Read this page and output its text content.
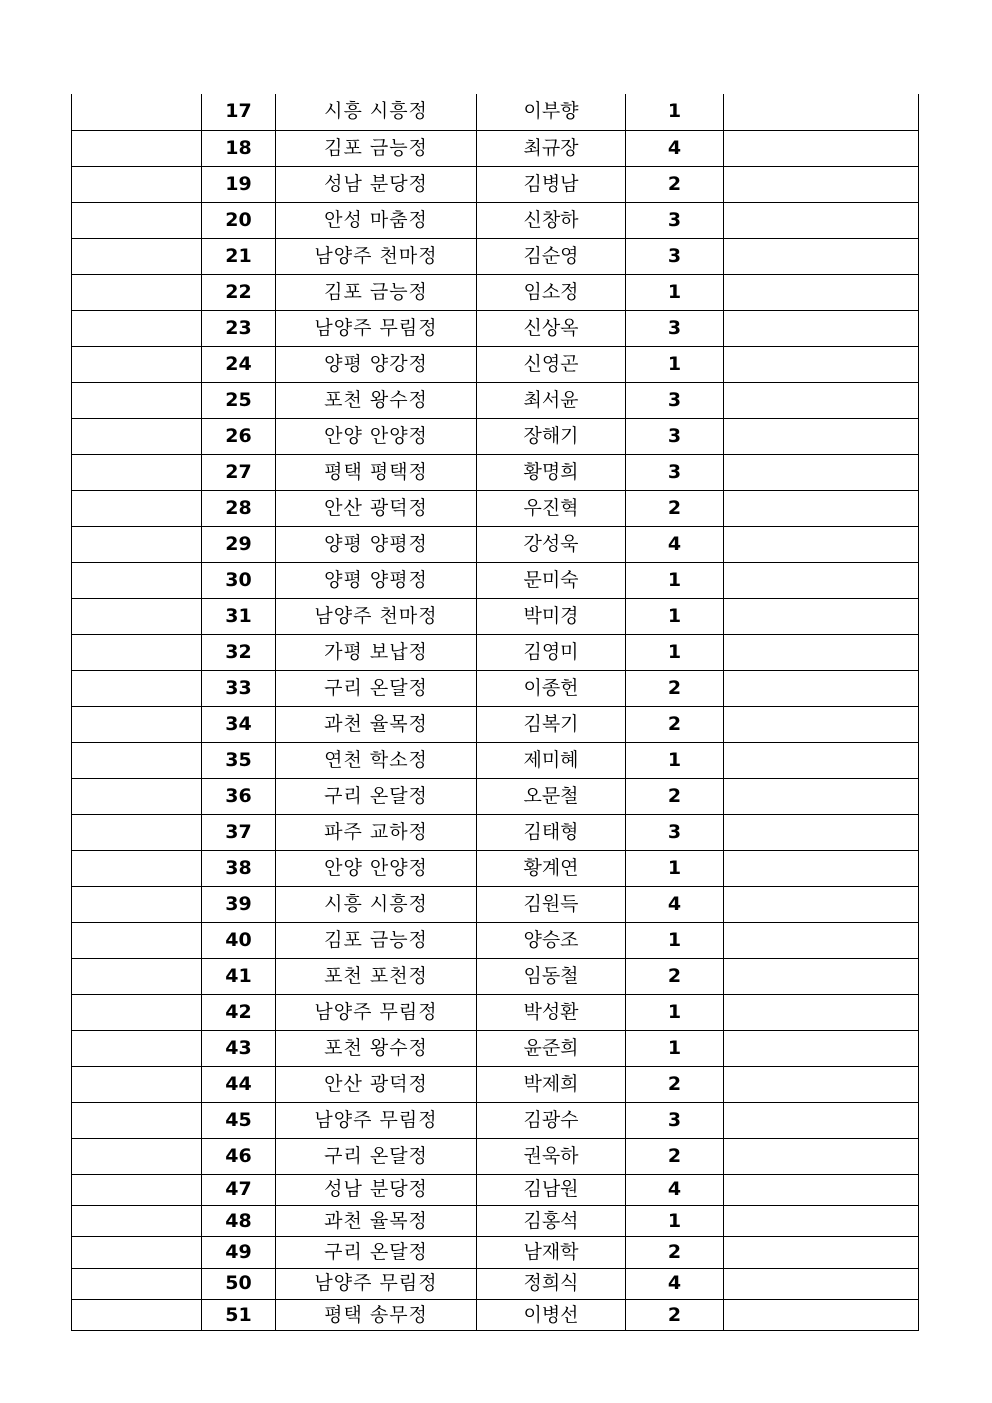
	17	시흥 시흥정	이부향	1	
	18	김포 금능정	최규장	4	
	19	성남 분당정	김병남	2	
	20	안성 마춤정	신창하	3	
	21	남양주 천마정	김순영	3	
	22	김포 금능정	임소정	1	
	23	남양주 무림정	신상옥	3	
	24	양평 양강정	신영곤	1	
	25	포천 왕수정	최서윤	3	
	26	안양 안양정	장해기	3	
	27	평택 평택정	황명희	3	
	28	안산 광덕정	우진혁	2	
	29	양평 양평정	강성욱	4	
	30	양평 양평정	문미숙	1	
	31	남양주 천마정	박미경	1	
	32	가평 보납정	김영미	1	
	33	구리 온달정	이종헌	2	
	34	과천 율목정	김복기	2	
	35	연천 학소정	제미혜	1	
	36	구리 온달정	오문철	2	
	37	파주 교하정	김태형	3	
	38	안양 안양정	황계연	1	
	39	시흥 시흥정	김원득	4	
	40	김포 금능정	양승조	1	
	41	포천 포천정	임동철	2	
	42	남양주 무림정	박성환	1	
	43	포천 왕수정	윤준희	1	
	44	안산 광덕정	박제희	2	
	45	남양주 무림정	김광수	3	
	46	구리 온달정	권욱하	2	
	47	성남 분당정	김남원	4	
	48	과천 율목정	김홍석	1	
	49	구리 온달정	남재학	2	
	50	남양주 무림정	정희식	4	
	51	평택 송무정	이병선	2	
